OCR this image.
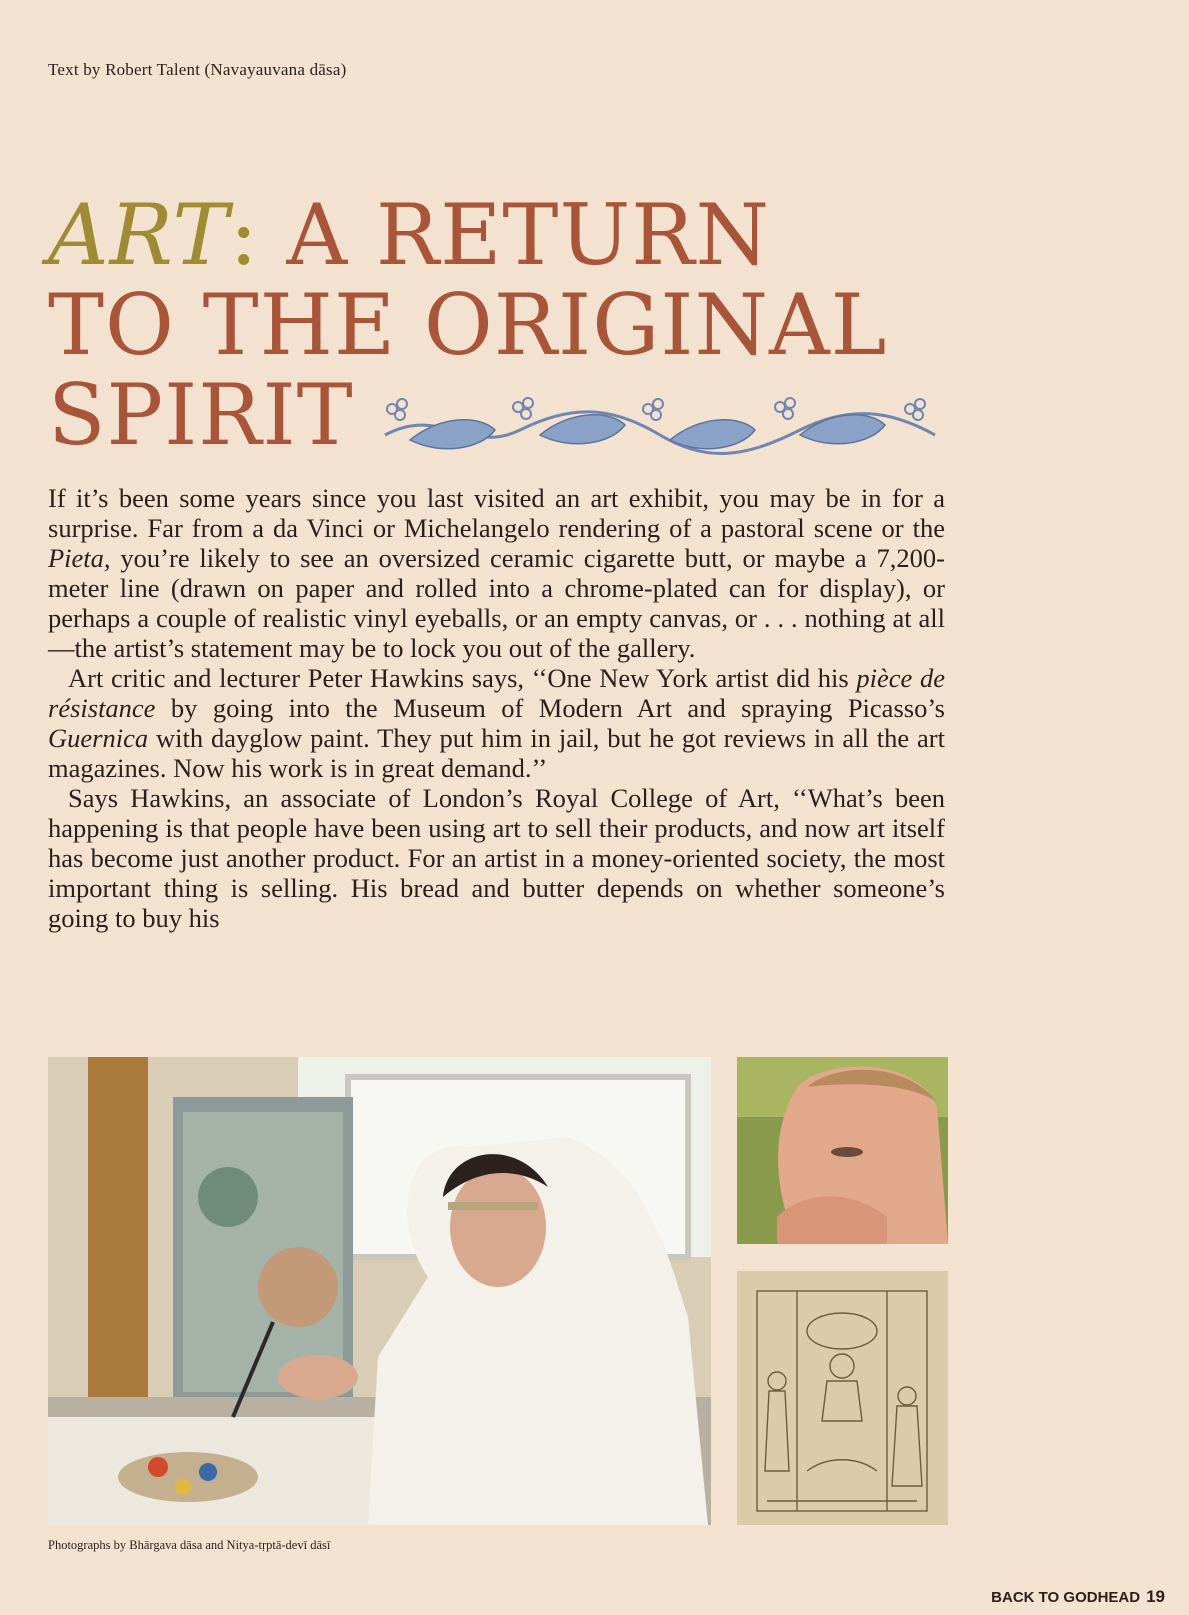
Text by Robert Talent (Navayauvana dāsa)
ART: A RETURN
TO THE ORIGINAL
SPIRIT

If it’s been some years since you last visited an art exhibit, you may be in for a surprise. Far from a da Vinci or Michelangelo rendering of a pastoral scene or the Pieta, you’re likely to see an oversized ceramic cigarette butt, or maybe a 7,200-meter line (drawn on paper and rolled into a chrome-plated can for display), or perhaps a couple of realistic vinyl eyeballs, or an empty canvas, or . . . nothing at all—the artist’s statement may be to lock you out of the gallery.

Art critic and lecturer Peter Hawkins says, ‘‘One New York artist did his pièce de résistance by going into the Museum of Modern Art and spraying Picasso’s Guernica with dayglow paint. They put him in jail, but he got reviews in all the art magazines. Now his work is in great demand.’’

Says Hawkins, an associate of London’s Royal College of Art, ‘‘What’s been happening is that people have been using art to sell their products, and now art itself has become just another product. For an artist in a money-oriented society, the most important thing is selling. His bread and butter depends on whether someone’s going to buy his

Photographs by Bhārgava dāsa and Nitya-tṛptā-devī dāsī
BACK TO GODHEAD 19
